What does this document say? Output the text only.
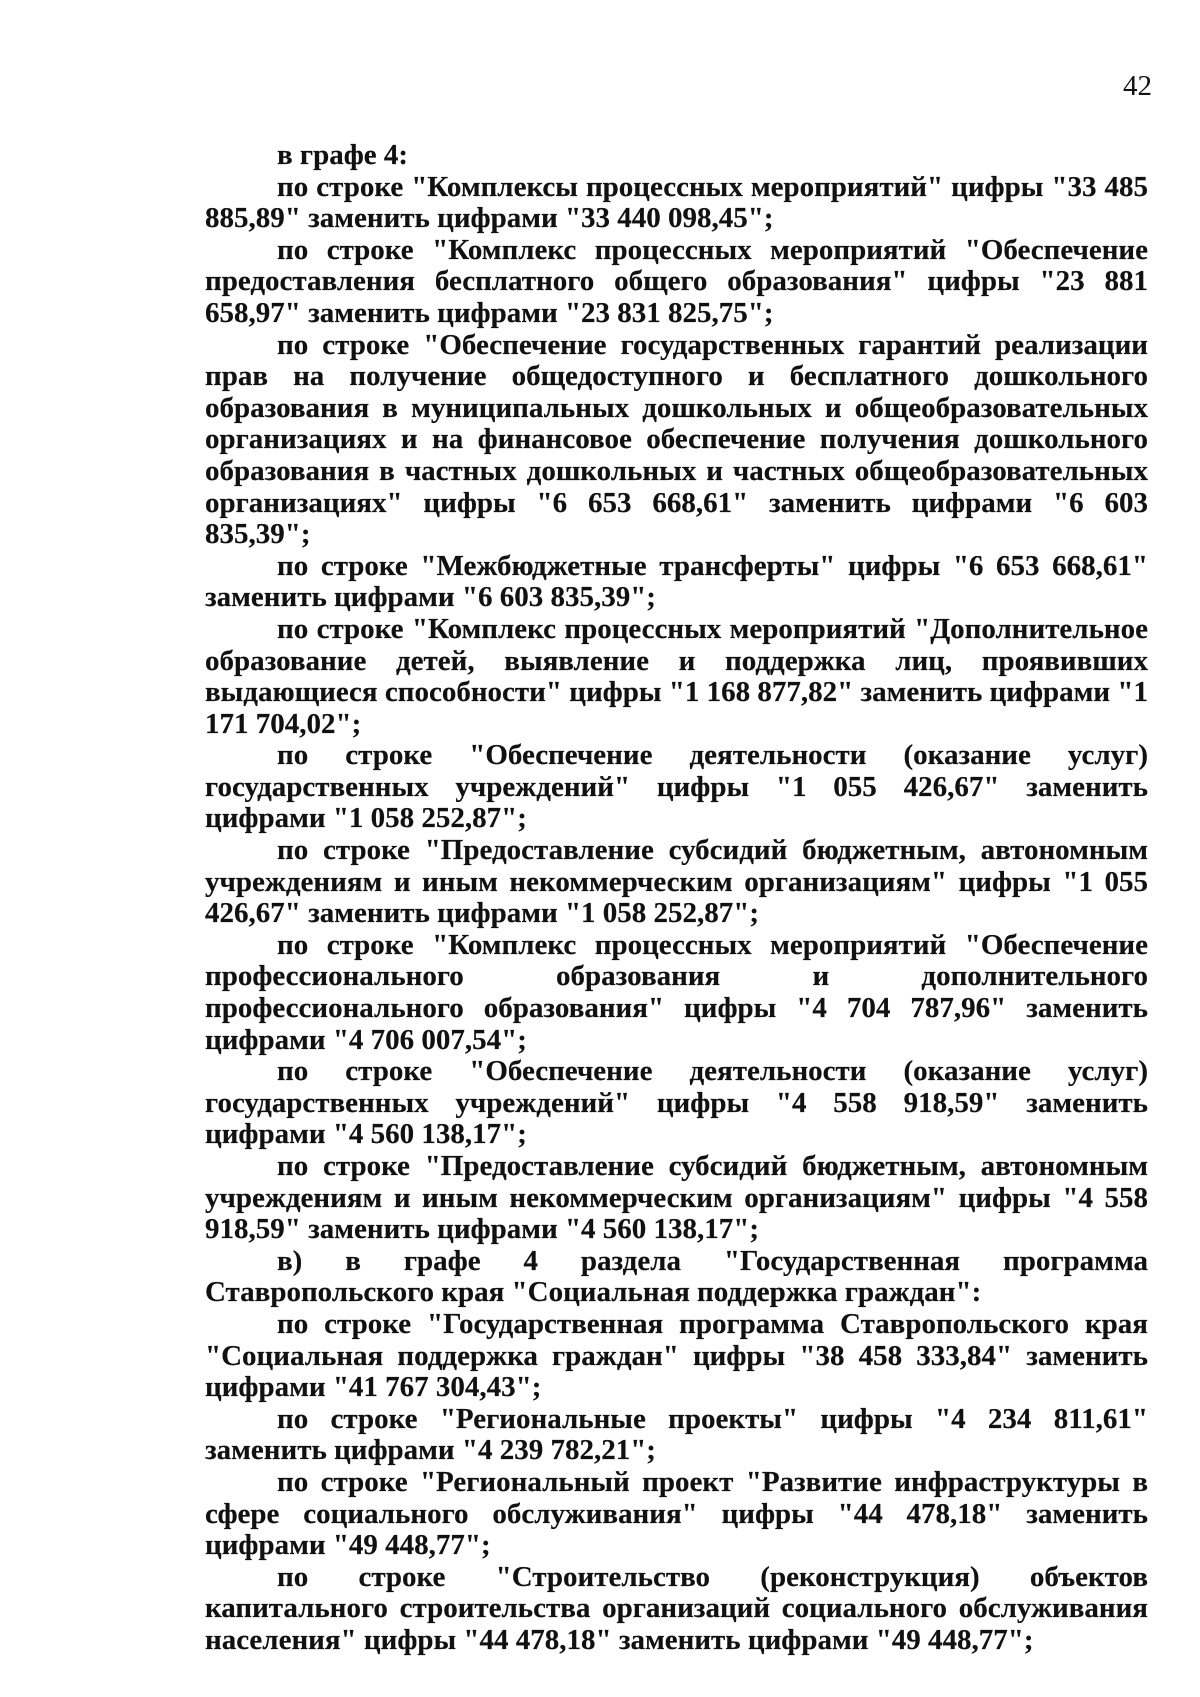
42

в графе 4:

по строке "Комплексы процессных мероприятий" цифры "33 485 885,89" заменить цифрами "33 440 098,45";

по строке "Комплекс процессных мероприятий "Обеспечение предоставления бесплатного общего образования" цифры "23 881 658,97" заменить цифрами "23 831 825,75";

по строке "Обеспечение государственных гарантий реализации прав на получение общедоступного и бесплатного дошкольного образования в муниципальных дошкольных и общеобразовательных организациях и на финансовое обеспечение получения дошкольного образования в частных дошкольных и частных общеобразовательных организациях" цифры "6 653 668,61" заменить цифрами "6 603 835,39";

по строке "Межбюджетные трансферты" цифры "6 653 668,61" заменить цифрами "6 603 835,39";

по строке "Комплекс процессных мероприятий "Дополнительное образование детей, выявление и поддержка лиц, проявивших выдающиеся способности" цифры "1 168 877,82" заменить цифрами "1 171 704,02";

по строке "Обеспечение деятельности (оказание услуг) государственных учреждений" цифры "1 055 426,67" заменить цифрами "1 058 252,87";

по строке "Предоставление субсидий бюджетным, автономным учреждениям и иным некоммерческим организациям" цифры "1 055 426,67" заменить цифрами "1 058 252,87";

по строке "Комплекс процессных мероприятий "Обеспечение профессионального образования и дополнительного профессионального образования" цифры "4 704 787,96" заменить цифрами "4 706 007,54";

по строке "Обеспечение деятельности (оказание услуг) государственных учреждений" цифры "4 558 918,59" заменить цифрами "4 560 138,17";

по строке "Предоставление субсидий бюджетным, автономным учреждениям и иным некоммерческим организациям" цифры "4 558 918,59" заменить цифрами "4 560 138,17";

в) в графе 4 раздела "Государственная программа Ставропольского края "Социальная поддержка граждан":

по строке "Государственная программа Ставропольского края "Социальная поддержка граждан" цифры "38 458 333,84" заменить цифрами "41 767 304,43";

по строке "Региональные проекты" цифры "4 234 811,61" заменить цифрами "4 239 782,21";

по строке "Региональный проект "Развитие инфраструктуры в сфере социального обслуживания" цифры "44 478,18" заменить цифрами "49 448,77";

по строке "Строительство (реконструкция) объектов капитального строительства организаций социального обслуживания населения" цифры "44 478,18" заменить цифрами "49 448,77";
